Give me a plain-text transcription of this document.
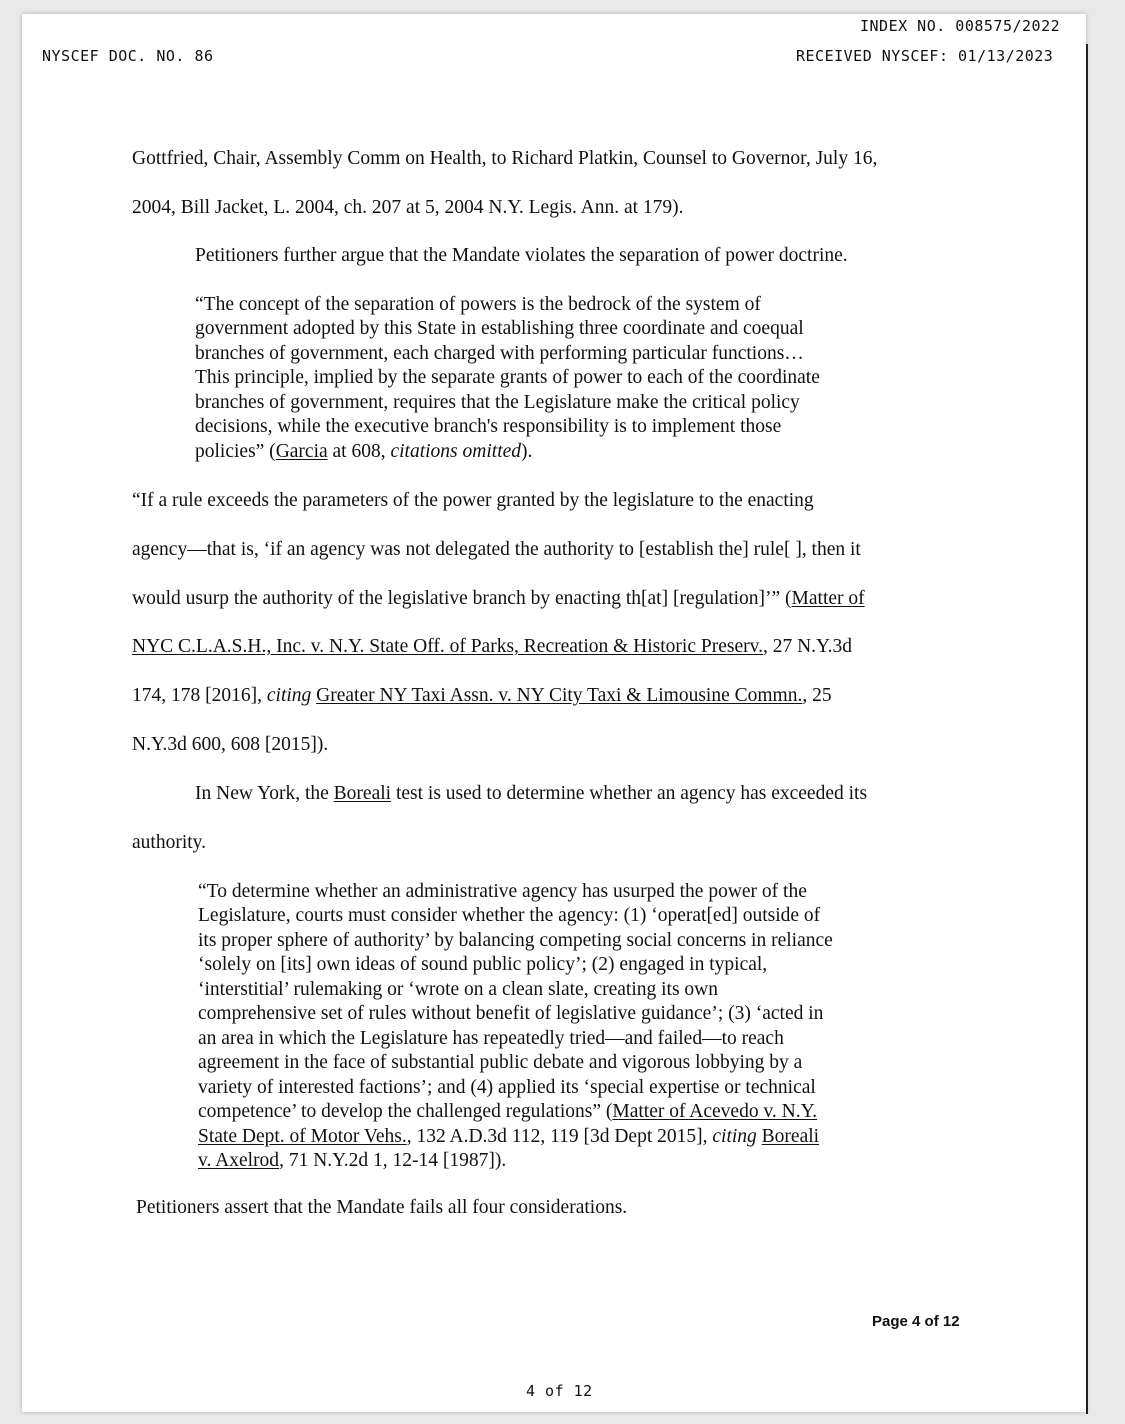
INDEX NO. 008575/2022
NYSCEF DOC. NO. 86	RECEIVED NYSCEF: 01/13/2023
Gottfried, Chair, Assembly Comm on Health, to Richard Platkin, Counsel to Governor, July 16,
2004, Bill Jacket, L. 2004, ch. 207 at 5, 2004 N.Y. Legis. Ann. at 179).
Petitioners further argue that the Mandate violates the separation of power doctrine.
“The concept of the separation of powers is the bedrock of the system of
government adopted by this State in establishing three coordinate and coequal
branches of government, each charged with performing particular functions…
This principle, implied by the separate grants of power to each of the coordinate
branches of government, requires that the Legislature make the critical policy
decisions, while the executive branch's responsibility is to implement those
policies” (Garcia at 608, citations omitted).
“If a rule exceeds the parameters of the power granted by the legislature to the enacting
agency—that is, ‘if an agency was not delegated the authority to [establish the] rule[ ], then it
would usurp the authority of the legislative branch by enacting th[at] [regulation]’” (Matter of
NYC C.L.A.S.H., Inc. v. N.Y. State Off. of Parks, Recreation & Historic Preserv., 27 N.Y.3d
174, 178 [2016], citing Greater NY Taxi Assn. v. NY City Taxi & Limousine Commn., 25
N.Y.3d 600, 608 [2015]).
In New York, the Boreali test is used to determine whether an agency has exceeded its
authority.
“To determine whether an administrative agency has usurped the power of the
Legislature, courts must consider whether the agency: (1) ‘operat[ed] outside of
its proper sphere of authority’ by balancing competing social concerns in reliance
‘solely on [its] own ideas of sound public policy’; (2) engaged in typical,
‘interstitial’ rulemaking or ‘wrote on a clean slate, creating its own
comprehensive set of rules without benefit of legislative guidance’; (3) ‘acted in
an area in which the Legislature has repeatedly tried—and failed—to reach
agreement in the face of substantial public debate and vigorous lobbying by a
variety of interested factions’; and (4) applied its ‘special expertise or technical
competence’ to develop the challenged regulations” (Matter of Acevedo v. N.Y.
State Dept. of Motor Vehs., 132 A.D.3d 112, 119 [3d Dept 2015], citing Boreali
v. Axelrod, 71 N.Y.2d 1, 12-14 [1987]).
Petitioners assert that the Mandate fails all four considerations.
Page 4 of 12
4 of 12
